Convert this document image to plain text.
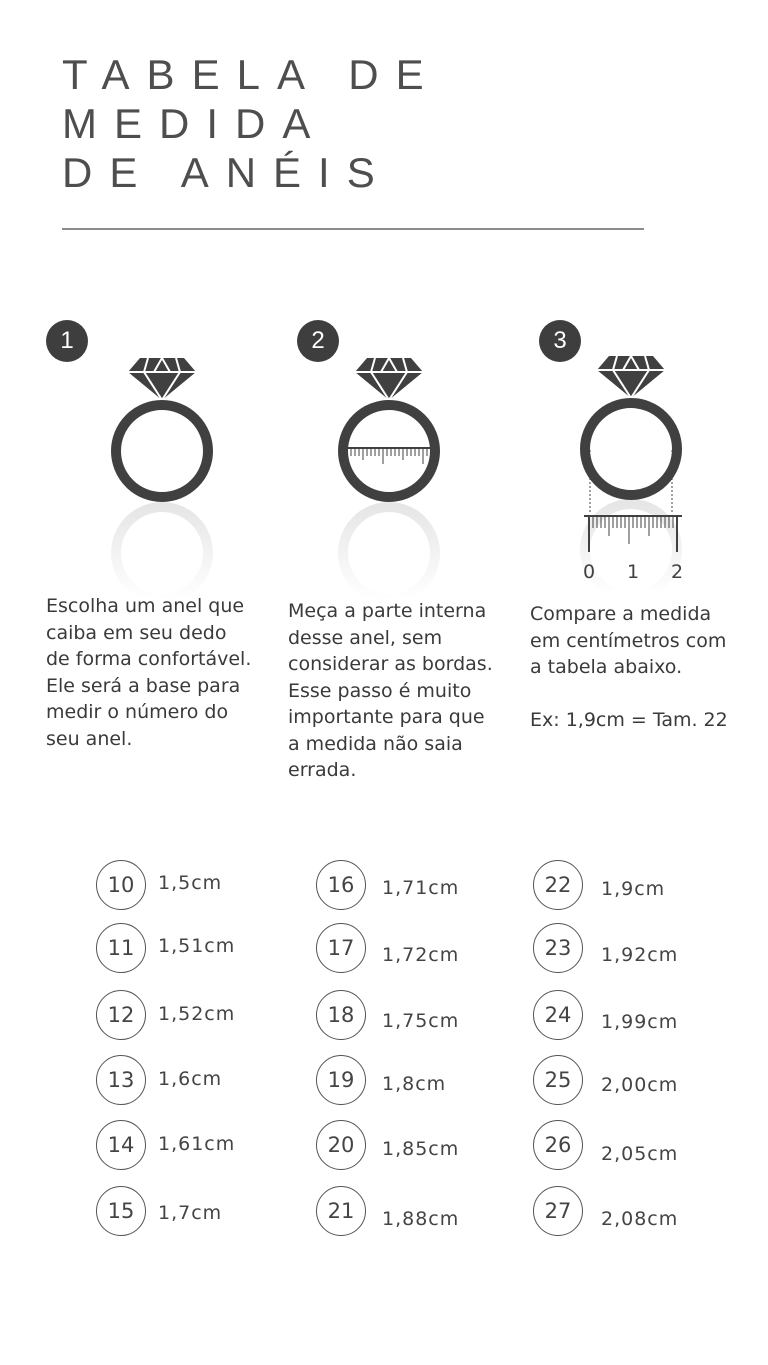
TABELA DE
MEDIDA
DE ANÉIS
1

Escolha um anel que
caiba em seu dedo
de forma confortável.
Ele será a base para
medir o número do
seu anel.

2

Meça a parte interna
desse anel, sem
considerar as bordas.
Esse passo é muito
importante para que
a medida não saia
errada.

3
0 1 2

Compare a medida
em centímetros com
a tabela abaixo.
Ex: 1,9cm = Tam. 22

10	1,5cm
11	1,51cm
12	1,52cm
13	1,6cm
14	1,61cm
15	1,7cm
16	1,71cm
17	1,72cm
18	1,75cm
19	1,8cm
20	1,85cm
21	1,88cm
22	1,9cm
23	1,92cm
24	1,99cm
25	2,00cm
26	2,05cm
27	2,08cm
